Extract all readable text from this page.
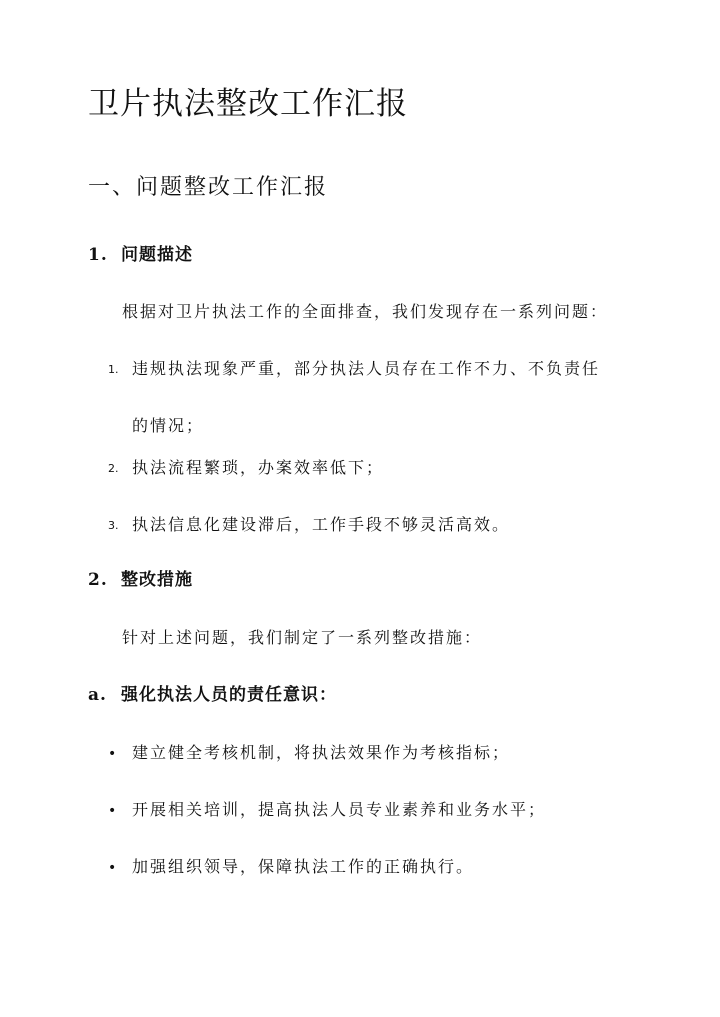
卫片执法整改工作汇报
一、问题整改工作汇报
1. 问题描述

根据对卫片执法工作的全面排查，我们发现存在一系列问题：

1. 违规执法现象严重，部分执法人员存在工作不力、不负责任
的情况；
2. 执法流程繁琐，办案效率低下；
3. 执法信息化建设滞后，工作手段不够灵活高效。
2. 整改措施

针对上述问题，我们制定了一系列整改措施：

a. 强化执法人员的责任意识：
• 建立健全考核机制，将执法效果作为考核指标；
• 开展相关培训，提高执法人员专业素养和业务水平；
• 加强组织领导，保障执法工作的正确执行。
